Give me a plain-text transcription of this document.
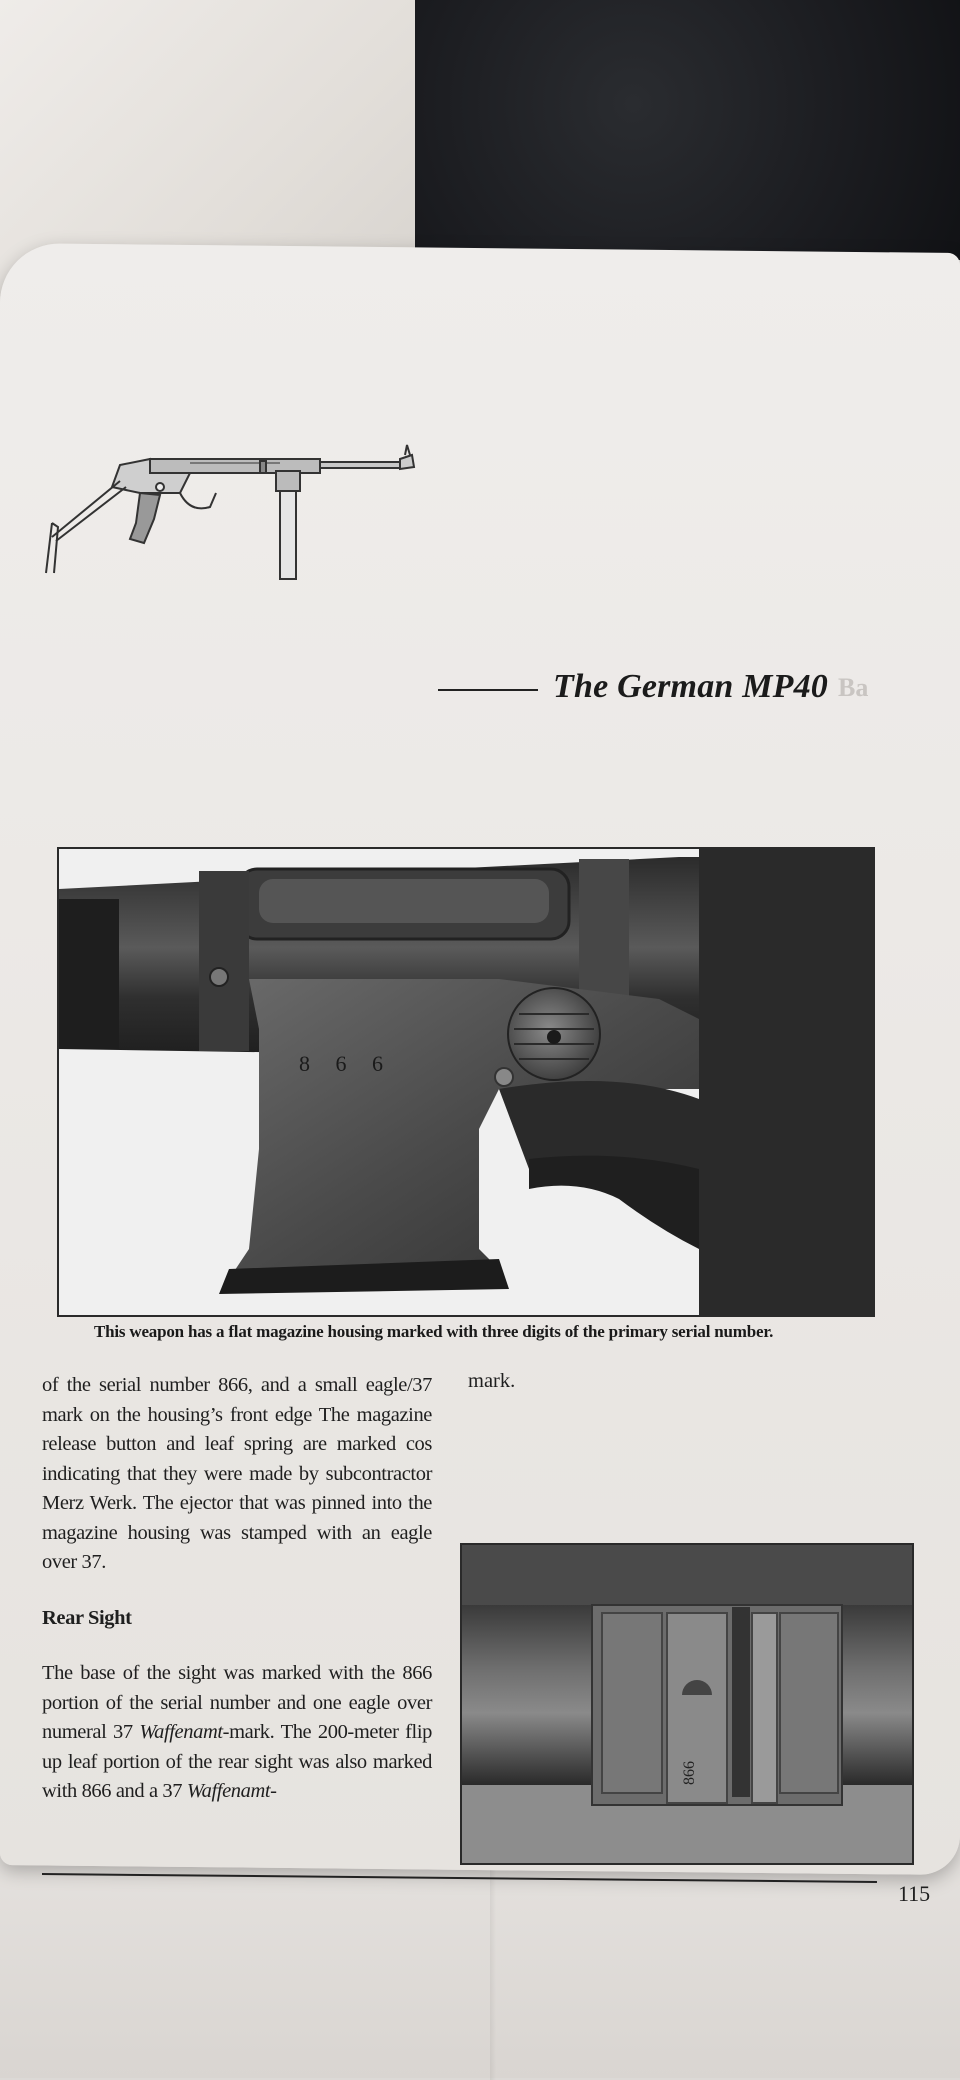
The German MP40 Ba
8 6 6
This weapon has a flat magazine housing marked with three digits of the primary serial number.

of the serial number 866, and a small eagle/37 mark on the housing’s front edge The magazine release button and leaf spring are marked cos indicating that they were made by subcontractor Merz Werk. The ejector that was pinned into the magazine housing was stamped with an eagle over 37.

Rear Sight

The base of the sight was marked with the 866 portion of the serial number and one eagle over numeral 37 Waffenamt-mark. The 200-meter flip up leaf portion of the rear sight was also marked with 866 and a 37 Waffenamt-

mark.
866
115
